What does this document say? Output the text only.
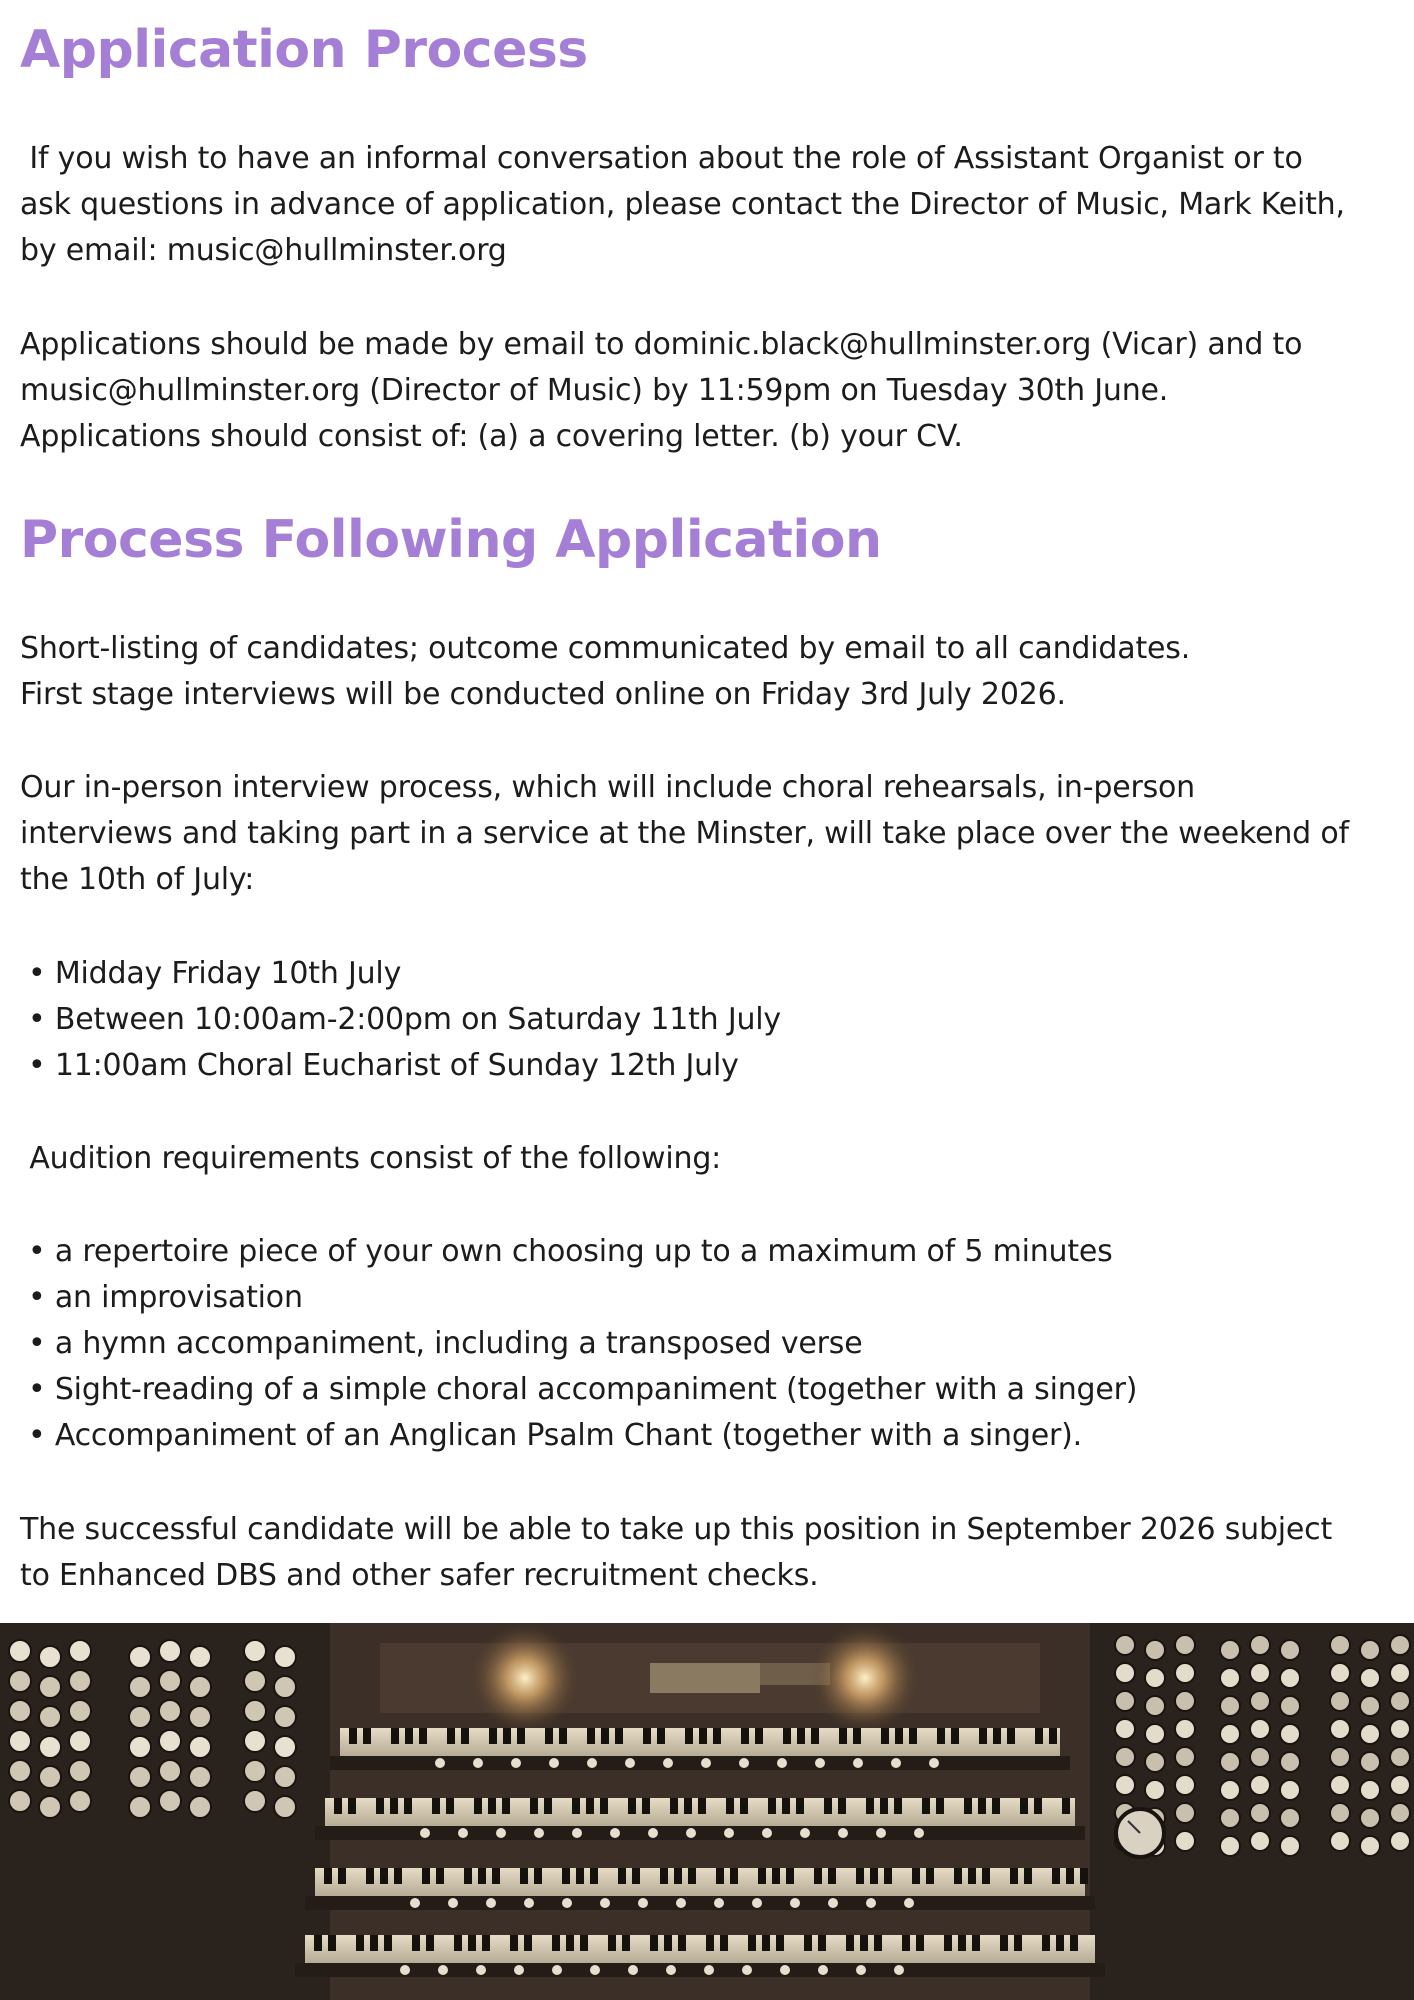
Application Process

If you wish to have an informal conversation about the role of Assistant Organist or to

ask questions in advance of application, please contact the Director of Music, Mark Keith,

by email: music@hullminster.org

Applications should be made by email to dominic.black@hullminster.org (Vicar) and to

music@hullminster.org (Director of Music) by 11:59pm on Tuesday 30th June.

Applications should consist of: (a) a covering letter. (b) your CV.

Process Following Application

Short-listing of candidates; outcome communicated by email to all candidates.

First stage interviews will be conducted online on Friday 3rd July 2026.

Our in-person interview process, which will include choral rehearsals, in-person

interviews and taking part in a service at the Minster, will take place over the weekend of

the 10th of July:

• Midday Friday 10th July
• Between 10:00am-2:00pm on Saturday 11th July
• 11:00am Choral Eucharist of Sunday 12th July

Audition requirements consist of the following:

• a repertoire piece of your own choosing up to a maximum of 5 minutes
• an improvisation
• a hymn accompaniment, including a transposed verse
• Sight-reading of a simple choral accompaniment (together with a singer)
• Accompaniment of an Anglican Psalm Chant (together with a singer).

The successful candidate will be able to take up this position in September 2026 subject

to Enhanced DBS and other safer recruitment checks.
